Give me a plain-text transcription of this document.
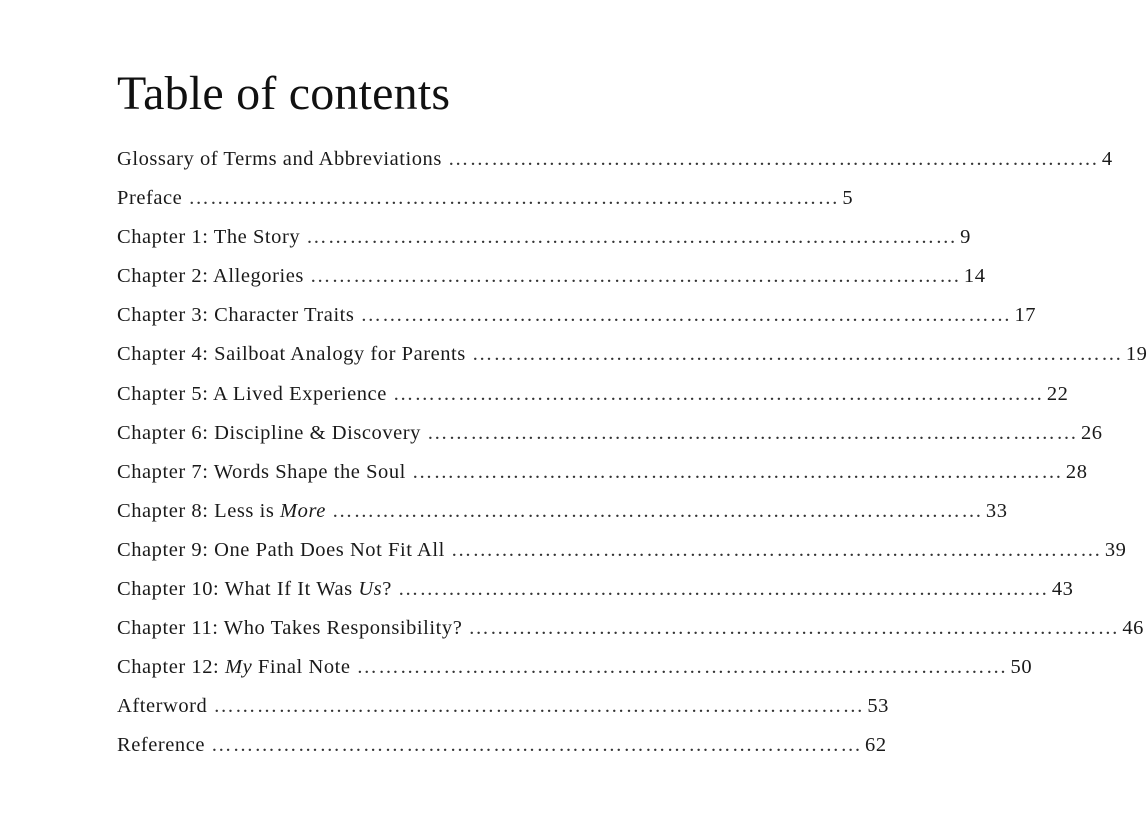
Table of contents
Glossary of Terms and Abbreviations ……………………………………………………………………………… 4
Preface ……………………………………………………………………………… 5
Chapter 1: The Story ……………………………………………………………………………… 9
Chapter 2: Allegories ……………………………………………………………………………… 14
Chapter 3: Character Traits ……………………………………………………………………………… 17
Chapter 4: Sailboat Analogy for Parents ……………………………………………………………………………… 19
Chapter 5: A Lived Experience ……………………………………………………………………………… 22
Chapter 6: Discipline & Discovery ……………………………………………………………………………… 26
Chapter 7: Words Shape the Soul ……………………………………………………………………………… 28
Chapter 8: Less is More ……………………………………………………………………………… 33
Chapter 9: One Path Does Not Fit All ……………………………………………………………………………… 39
Chapter 10: What If It Was Us? ……………………………………………………………………………… 43
Chapter 11: Who Takes Responsibility? ……………………………………………………………………………… 46
Chapter 12: My Final Note ……………………………………………………………………………… 50
Afterword ……………………………………………………………………………… 53
Reference ……………………………………………………………………………… 62
